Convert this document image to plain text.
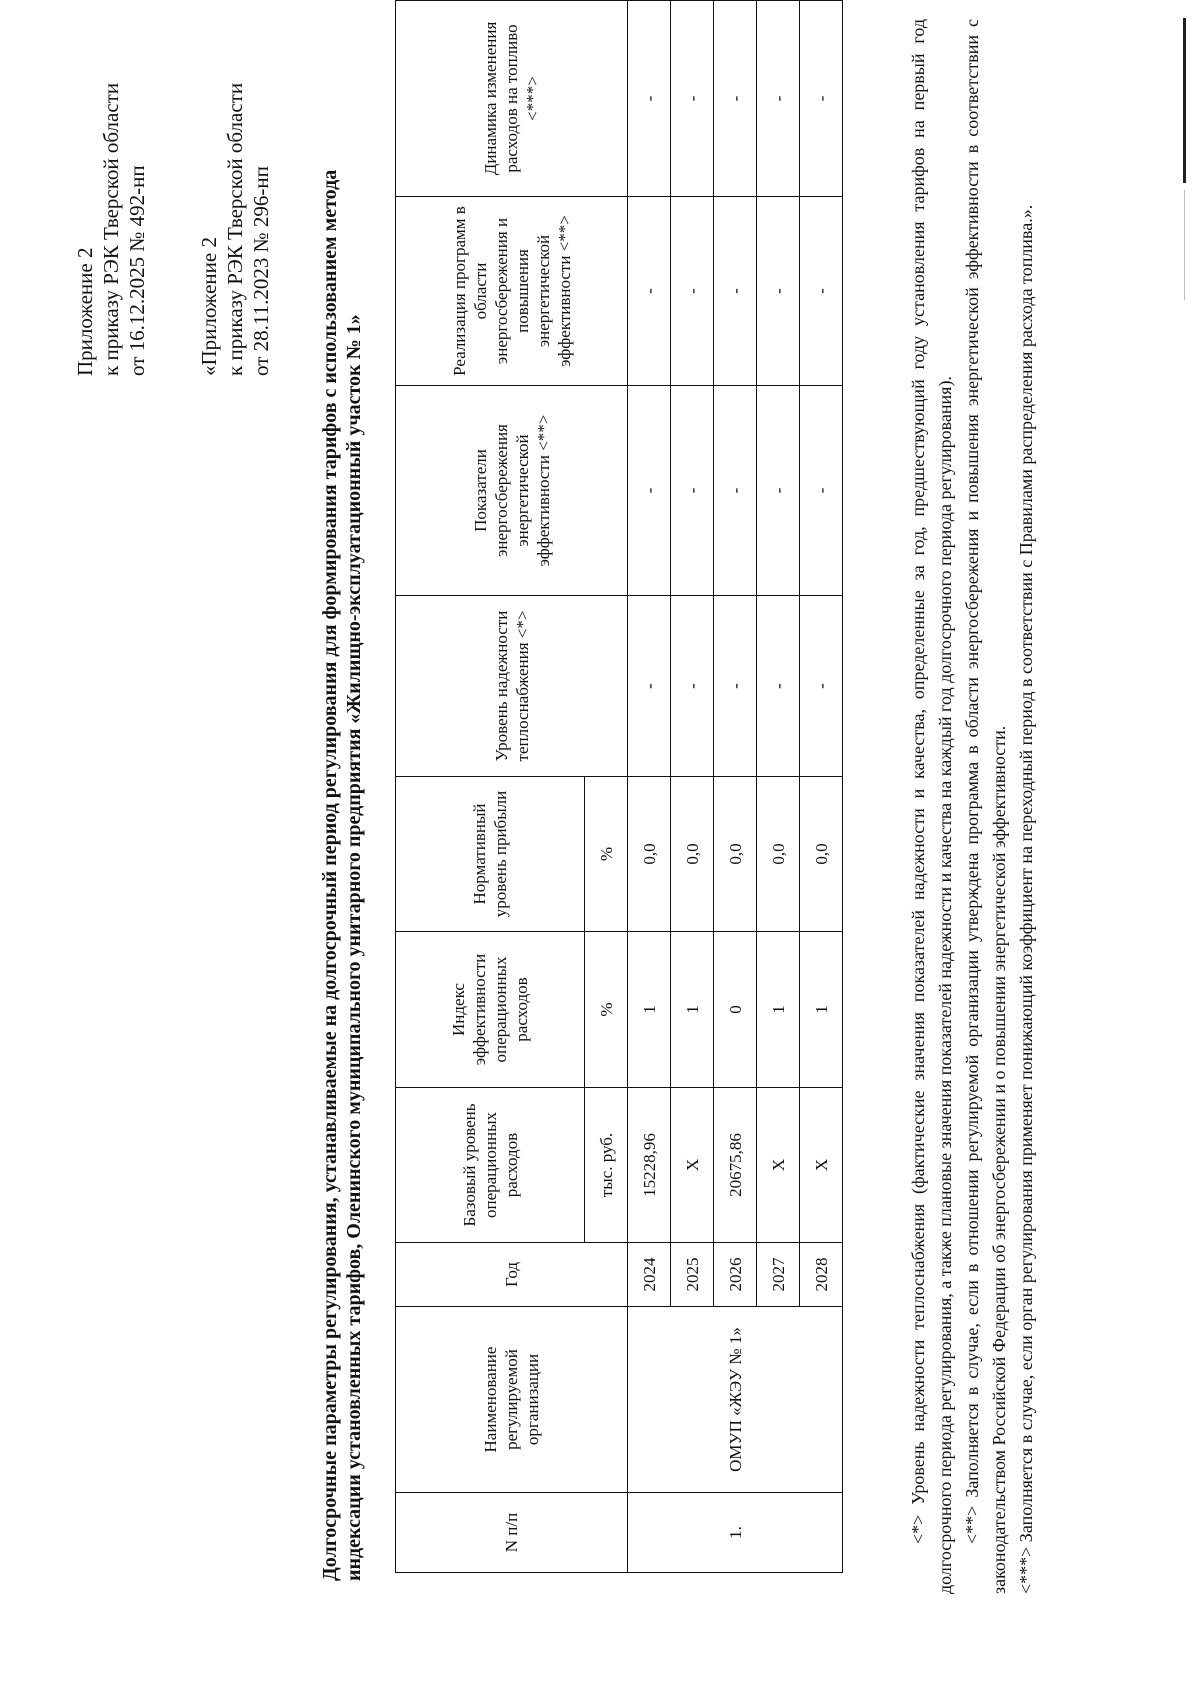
Приложение 2 к приказу РЭК Тверской области от 16.12.2025 № 492-нп «Приложение 2 к приказу РЭК Тверской области от 28.11.2023 № 296-нп Долгосрочные параметры регулирования, устанавливаемые на долгосрочный период регулирования для формирования тарифов с использованием метода индексации установленных тарифов, Оленинского муниципального унитарного предприятия «Жилищно-эксплуатационный участок № 1»	N п/п	Наименование регулируемой организации	Год	Базовый уровень операционных расходов	Индекс эффективности операционных расходов	Нормативный уровень прибыли	Уровень надежности теплоснабжения <*>	Показатели энергосбережения энергетической эффективности <**>	Реализация программ в области энергосбережения и повышения энергетической эффективности <**>	Динамика изменения расходов на топливо <***>
			тыс. руб.	%	%				
1.	ОМУП «ЖЭУ № 1»	2024	15228,96	1	0,0	-	-	-	-
		2025	Х	1	0,0	-	-	-	-
		2026	20675,86	0	0,0	-	-	-	-
		2027	Х	1	0,0	-	-	-	-
		2028	Х	1	0,0	-	-	-	-	<*> Уровень надежности теплоснабжения (фактические значения показателей надежности и качества, определенные за год, предшествующий году установления тарифов на первый год долгосрочного периода регулирования, а также плановые значения показателей надежности и качества на каждый год долгосрочного периода регулирования). <**> Заполняется в случае, если в отношении регулируемой организации утверждена программа в области энергосбережения и повышения энергетической эффективности в соответствии с законодательством Российской Федерации об энергосбережении и о повышении энергетической эффективности. <***> Заполняется в случае, если орган регулирования применяет понижающий коэффициент на переходный период в соответствии с Правилами распределения расхода топлива.».
